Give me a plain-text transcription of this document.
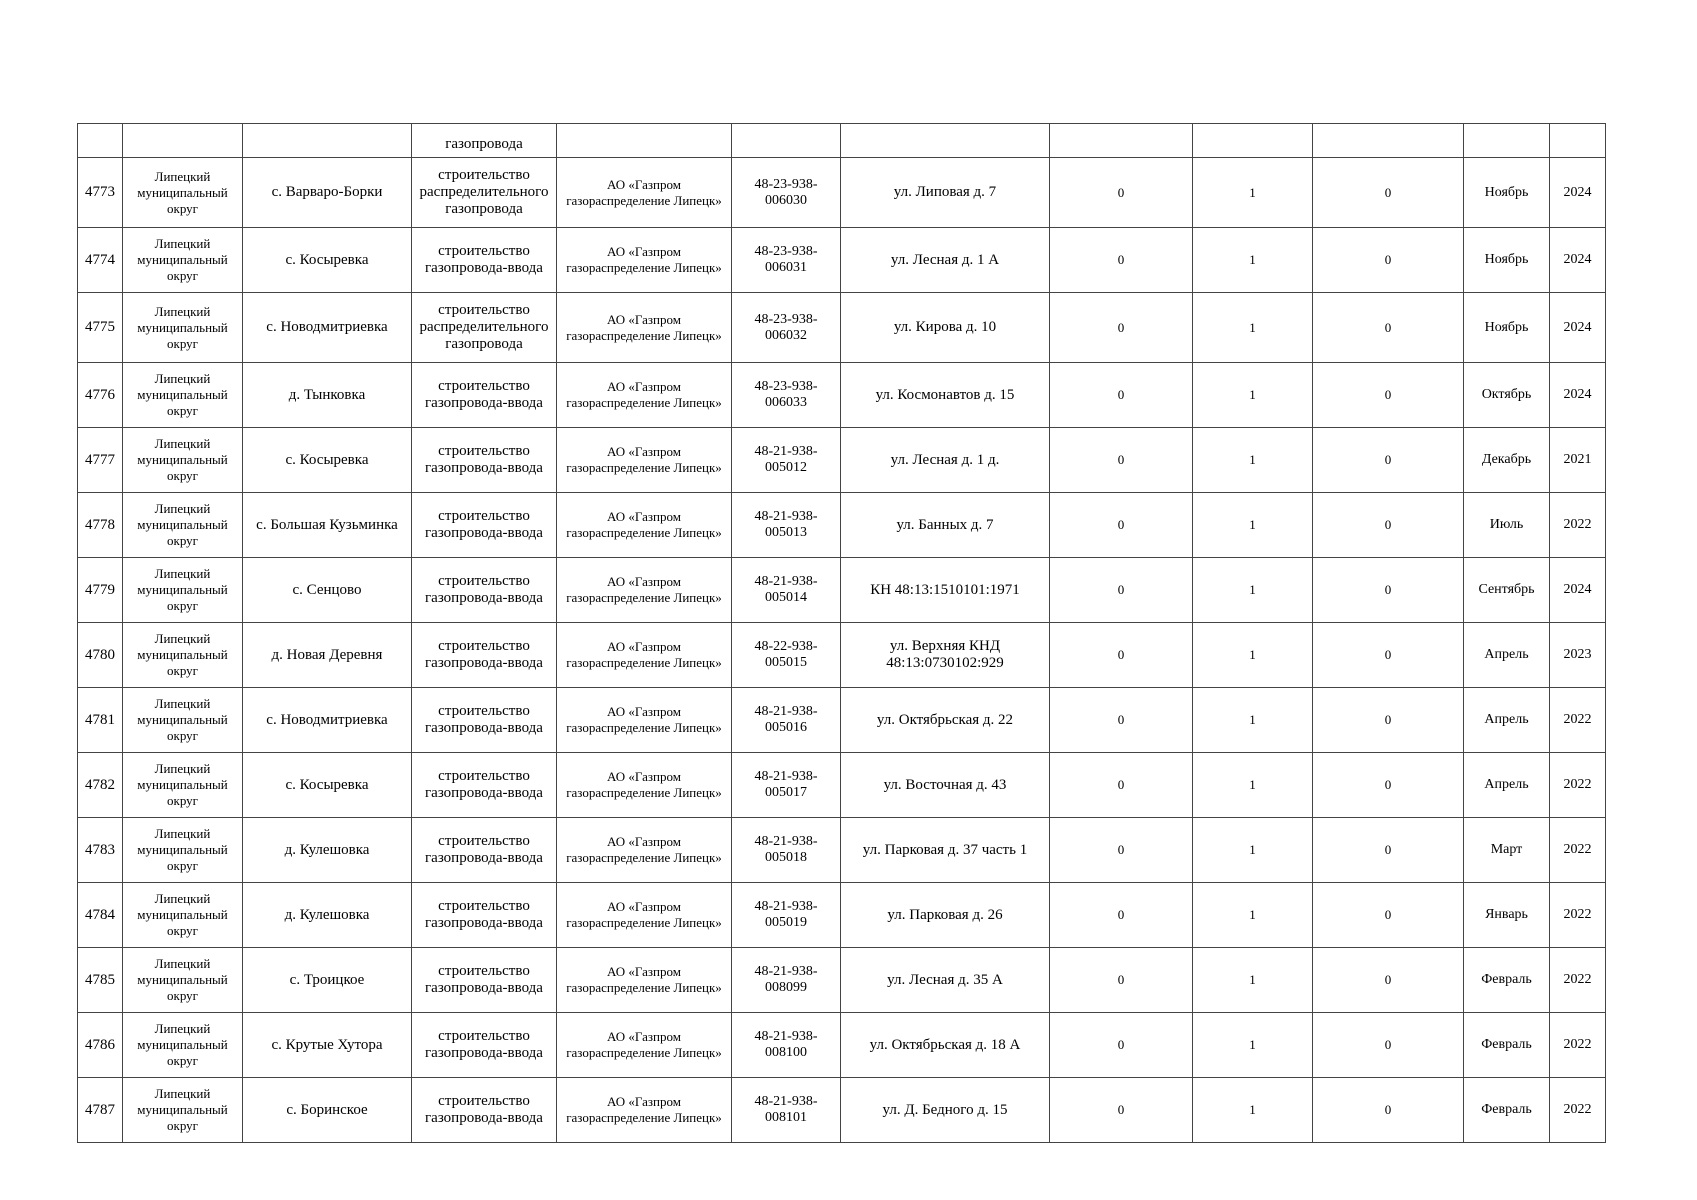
			газопровода								
4773	Липецкий муниципальный округ	с. Варваро-Борки	строительство распределительного газопровода	АО «Газпром газораспределение Липецк»	48-23-938-006030	ул. Липовая д. 7	0	1	0	Ноябрь	2024
4774	Липецкий муниципальный округ	с. Косыревка	строительство газопровода-ввода	АО «Газпром газораспределение Липецк»	48-23-938-006031	ул. Лесная д. 1 А	0	1	0	Ноябрь	2024
4775	Липецкий муниципальный округ	с. Новодмитриевка	строительство распределительного газопровода	АО «Газпром газораспределение Липецк»	48-23-938-006032	ул. Кирова д. 10	0	1	0	Ноябрь	2024
4776	Липецкий муниципальный округ	д. Тынковка	строительство газопровода-ввода	АО «Газпром газораспределение Липецк»	48-23-938-006033	ул. Космонавтов д. 15	0	1	0	Октябрь	2024
4777	Липецкий муниципальный округ	с. Косыревка	строительство газопровода-ввода	АО «Газпром газораспределение Липецк»	48-21-938-005012	ул. Лесная д. 1 д.	0	1	0	Декабрь	2021
4778	Липецкий муниципальный округ	с. Большая Кузьминка	строительство газопровода-ввода	АО «Газпром газораспределение Липецк»	48-21-938-005013	ул. Банных д. 7	0	1	0	Июль	2022
4779	Липецкий муниципальный округ	с. Сенцово	строительство газопровода-ввода	АО «Газпром газораспределение Липецк»	48-21-938-005014	КН 48:13:1510101:1971	0	1	0	Сентябрь	2024
4780	Липецкий муниципальный округ	д. Новая Деревня	строительство газопровода-ввода	АО «Газпром газораспределение Липецк»	48-22-938-005015	ул. Верхняя КНД 48:13:0730102:929	0	1	0	Апрель	2023
4781	Липецкий муниципальный округ	с. Новодмитриевка	строительство газопровода-ввода	АО «Газпром газораспределение Липецк»	48-21-938-005016	ул. Октябрьская д. 22	0	1	0	Апрель	2022
4782	Липецкий муниципальный округ	с. Косыревка	строительство газопровода-ввода	АО «Газпром газораспределение Липецк»	48-21-938-005017	ул. Восточная д. 43	0	1	0	Апрель	2022
4783	Липецкий муниципальный округ	д. Кулешовка	строительство газопровода-ввода	АО «Газпром газораспределение Липецк»	48-21-938-005018	ул. Парковая д. 37 часть 1	0	1	0	Март	2022
4784	Липецкий муниципальный округ	д. Кулешовка	строительство газопровода-ввода	АО «Газпром газораспределение Липецк»	48-21-938-005019	ул. Парковая д. 26	0	1	0	Январь	2022
4785	Липецкий муниципальный округ	с. Троицкое	строительство газопровода-ввода	АО «Газпром газораспределение Липецк»	48-21-938-008099	ул. Лесная д. 35 А	0	1	0	Февраль	2022
4786	Липецкий муниципальный округ	с. Крутые Хутора	строительство газопровода-ввода	АО «Газпром газораспределение Липецк»	48-21-938-008100	ул. Октябрьская д. 18 А	0	1	0	Февраль	2022
4787	Липецкий муниципальный округ	с. Боринское	строительство газопровода-ввода	АО «Газпром газораспределение Липецк»	48-21-938-008101	ул. Д. Бедного д. 15	0	1	0	Февраль	2022
